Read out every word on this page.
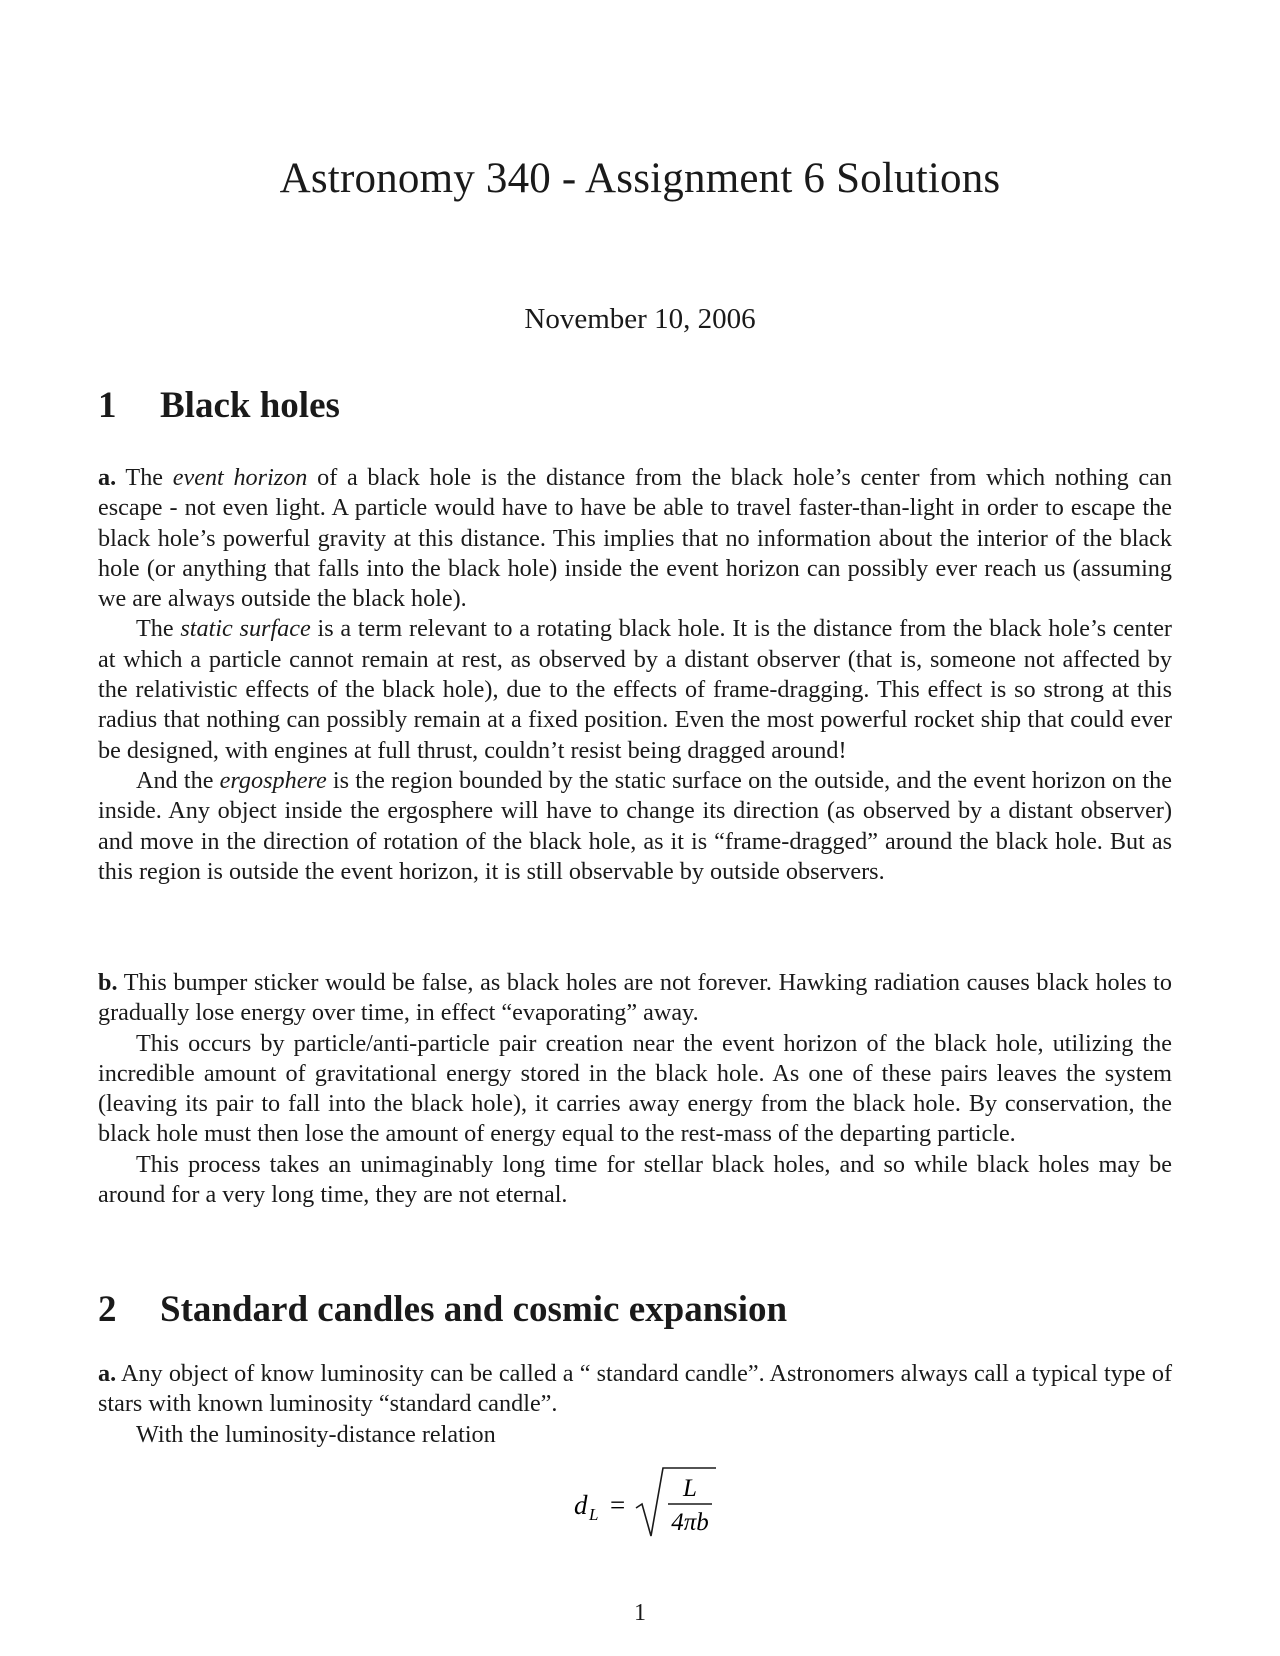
Astronomy 340 - Assignment 6 Solutions
November 10, 2006
1 Black holes

a. The event horizon of a black hole is the distance from the black hole’s center from which nothing can escape - not even light. A particle would have to have be able to travel faster-than-light in order to escape the black hole’s powerful gravity at this distance. This implies that no information about the interior of the black hole (or anything that falls into the black hole) inside the event horizon can possibly ever reach us (assuming we are always outside the black hole).

The static surface is a term relevant to a rotating black hole. It is the distance from the black hole’s center at which a particle cannot remain at rest, as observed by a distant observer (that is, someone not affected by the relativistic effects of the black hole), due to the effects of frame-dragging. This effect is so strong at this radius that nothing can possibly remain at a fixed position. Even the most powerful rocket ship that could ever be designed, with engines at full thrust, couldn’t resist being dragged around!

And the ergosphere is the region bounded by the static surface on the outside, and the event horizon on the inside. Any object inside the ergosphere will have to change its direction (as observed by a distant observer) and move in the direction of rotation of the black hole, as it is “frame-dragged” around the black hole. But as this region is outside the event horizon, it is still observable by outside observers.

b. This bumper sticker would be false, as black holes are not forever. Hawking radiation causes black holes to gradually lose energy over time, in effect “evaporating” away.

This occurs by particle/anti-particle pair creation near the event horizon of the black hole, utilizing the incredible amount of gravitational energy stored in the black hole. As one of these pairs leaves the system (leaving its pair to fall into the black hole), it carries away energy from the black hole. By conservation, the black hole must then lose the amount of energy equal to the rest-mass of the departing particle.

This process takes an unimaginably long time for stellar black holes, and so while black holes may be around for a very long time, they are not eternal.

2 Standard candles and cosmic expansion

a. Any object of know luminosity can be called a “ standard candle”. Astronomers always call a typical type of stars with known luminosity “standard candle”.

With the luminosity-distance relation

d L =
L
4πb
1
